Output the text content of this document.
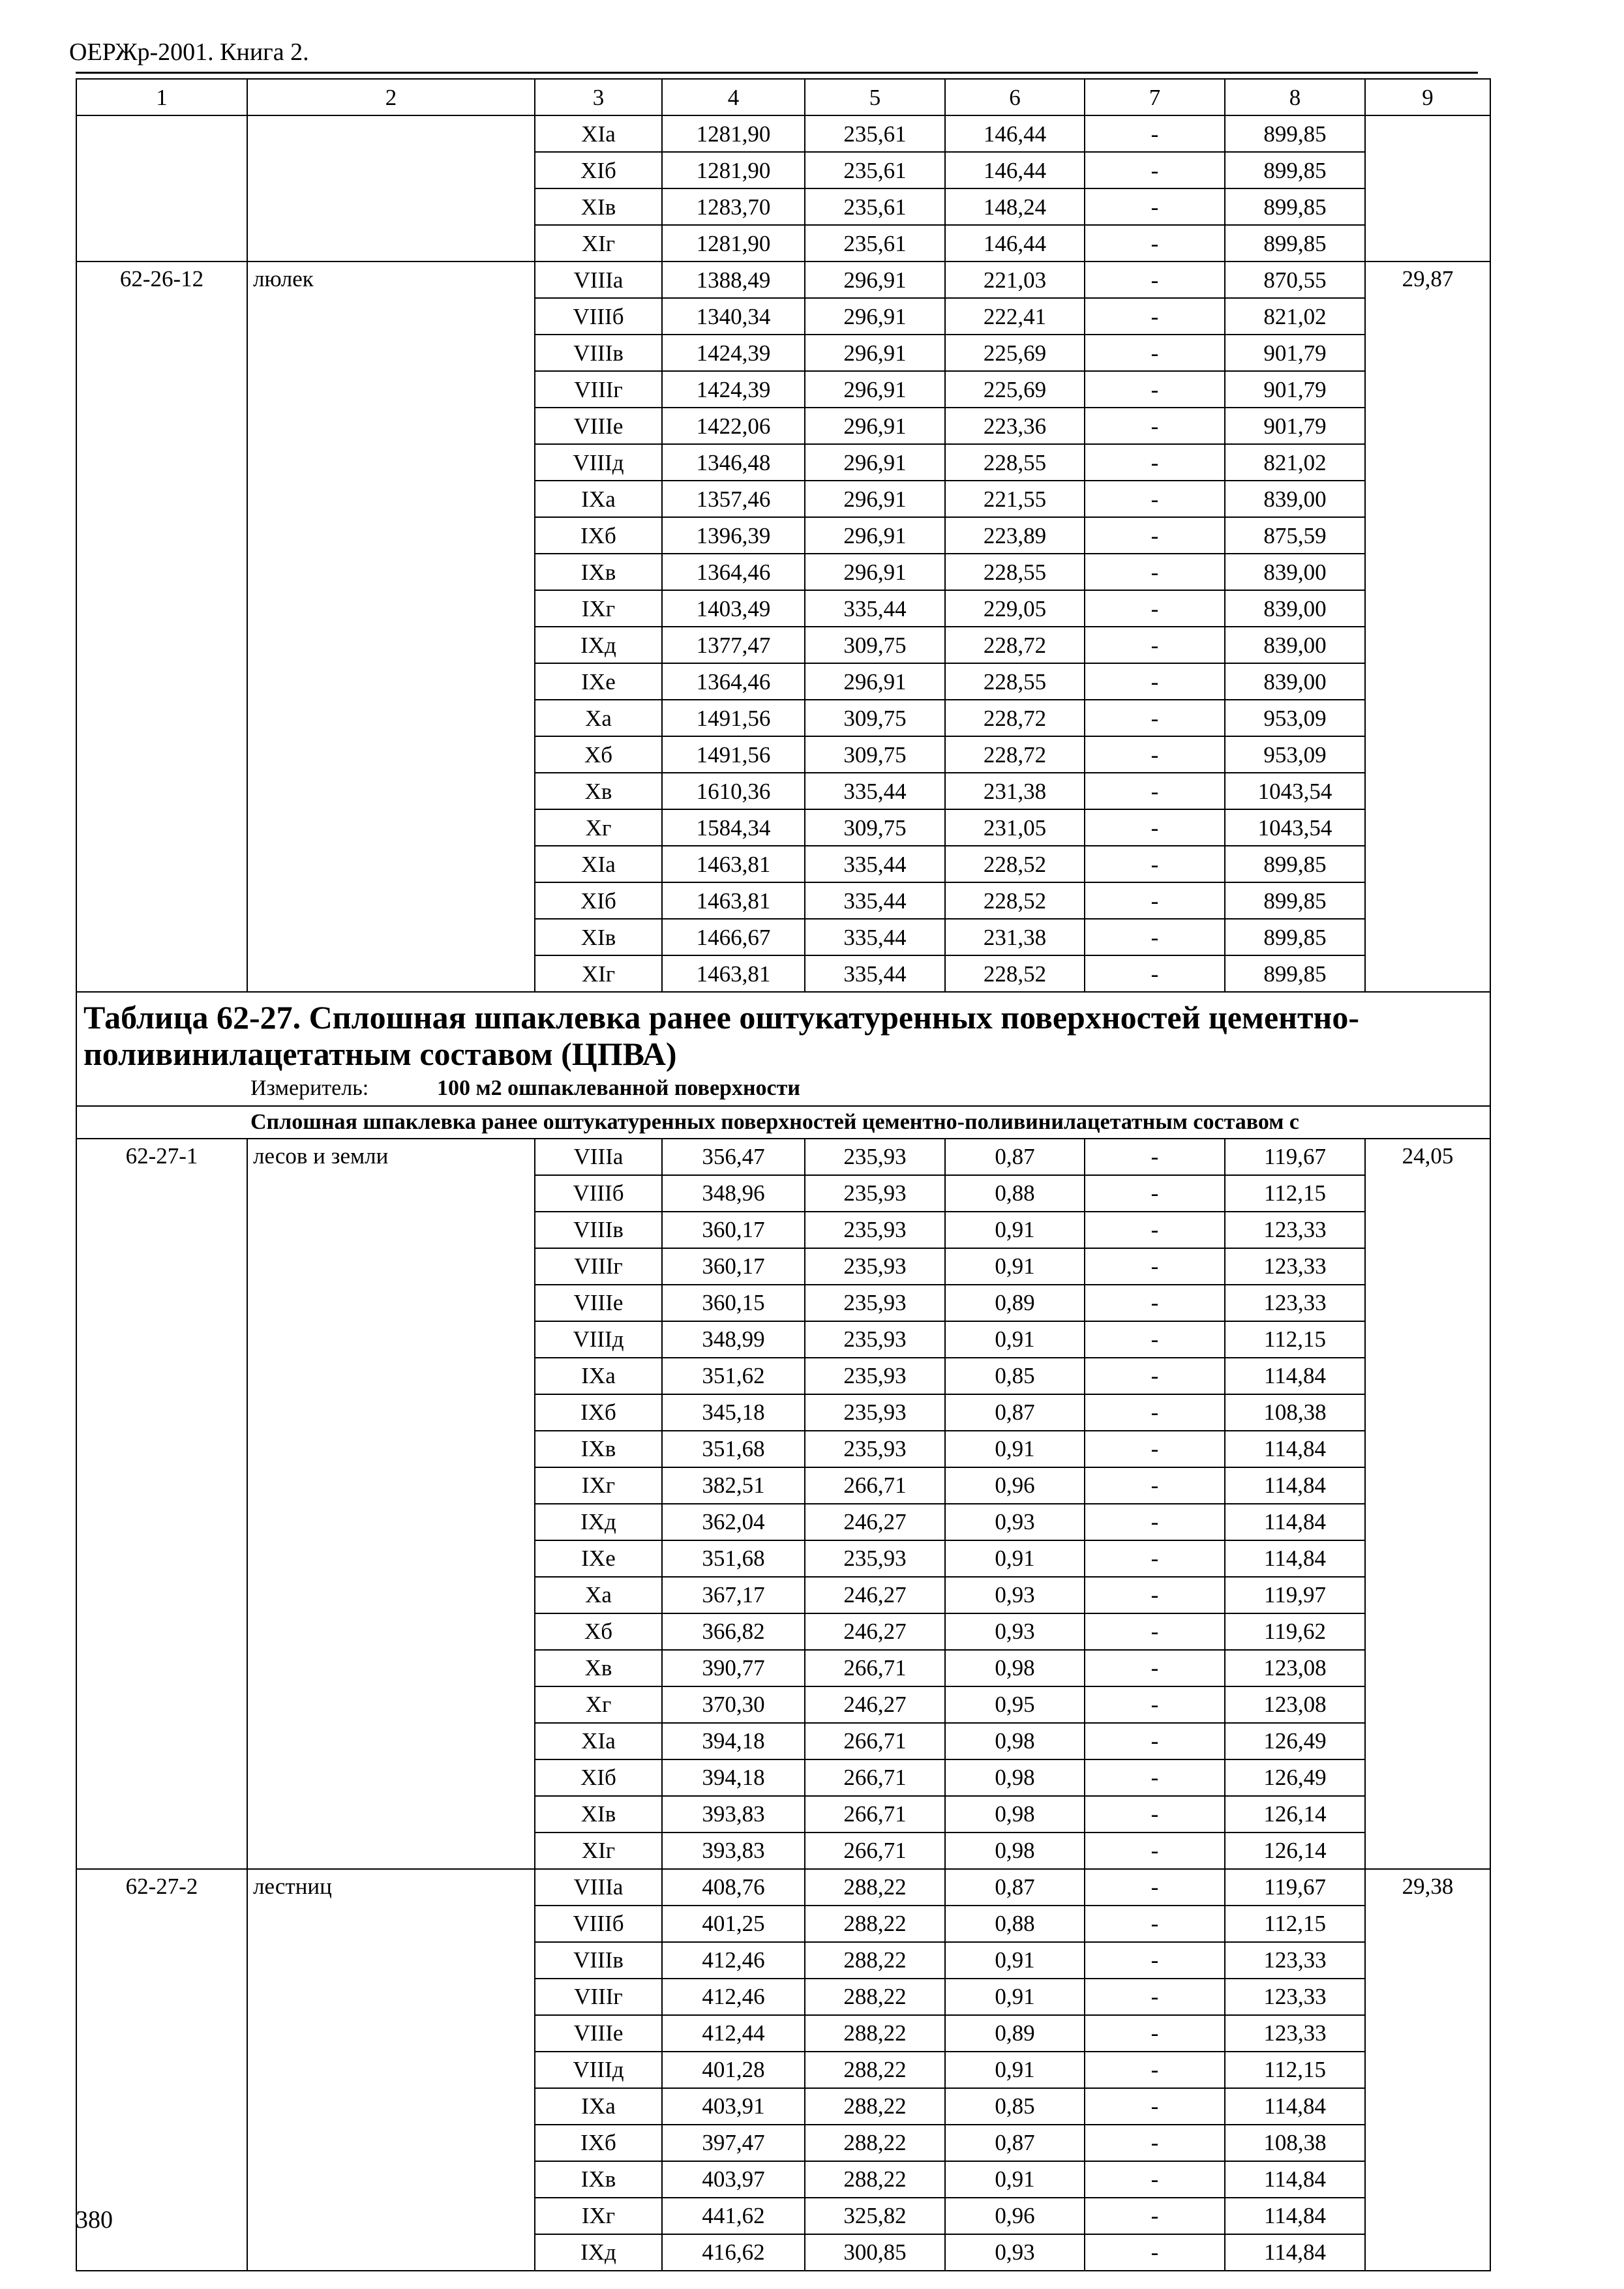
ОЕРЖр-2001. Книга 2.
1	2	3	4	5	6	7	8	9
		XIa	1281,90	235,61	146,44	-	899,85	
		XIб	1281,90	235,61	146,44	-	899,85	
		XIв	1283,70	235,61	148,24	-	899,85	
		XIг	1281,90	235,61	146,44	-	899,85	
62-26-12	люлек	VIIIa	1388,49	296,91	221,03	-	870,55	29,87
		VIIIб	1340,34	296,91	222,41	-	821,02	
		VIIIв	1424,39	296,91	225,69	-	901,79	
		VIIIг	1424,39	296,91	225,69	-	901,79	
		VIIIе	1422,06	296,91	223,36	-	901,79	
		VIIIд	1346,48	296,91	228,55	-	821,02	
		IXa	1357,46	296,91	221,55	-	839,00	
		IXб	1396,39	296,91	223,89	-	875,59	
		IXв	1364,46	296,91	228,55	-	839,00	
		IXг	1403,49	335,44	229,05	-	839,00	
		IXд	1377,47	309,75	228,72	-	839,00	
		IXе	1364,46	296,91	228,55	-	839,00	
		Xa	1491,56	309,75	228,72	-	953,09	
		Xб	1491,56	309,75	228,72	-	953,09	
		Xв	1610,36	335,44	231,38	-	1043,54	
		Xг	1584,34	309,75	231,05	-	1043,54	
		XIa	1463,81	335,44	228,52	-	899,85	
		XIб	1463,81	335,44	228,52	-	899,85	
		XIв	1466,67	335,44	231,38	-	899,85	
		XIг	1463,81	335,44	228,52	-	899,85	

Таблица 62-27. Сплошная шпаклевка ранее оштукатуренных поверхностей цементно-
поливинилацетатным составом (ЦПВА)
Измеритель: 100 м2 ошпаклеванной поверхности								

Сплошная шпаклевка ранее оштукатуренных поверхностей цементно-поливинилацетатным составом с								
62-27-1	лесов и земли	VIIIa	356,47	235,93	0,87	-	119,67	24,05
		VIIIб	348,96	235,93	0,88	-	112,15	
		VIIIв	360,17	235,93	0,91	-	123,33	
		VIIIг	360,17	235,93	0,91	-	123,33	
		VIIIе	360,15	235,93	0,89	-	123,33	
		VIIIд	348,99	235,93	0,91	-	112,15	
		IXa	351,62	235,93	0,85	-	114,84	
		IXб	345,18	235,93	0,87	-	108,38	
		IXв	351,68	235,93	0,91	-	114,84	
		IXг	382,51	266,71	0,96	-	114,84	
		IXд	362,04	246,27	0,93	-	114,84	
		IXе	351,68	235,93	0,91	-	114,84	
		Xa	367,17	246,27	0,93	-	119,97	
		Xб	366,82	246,27	0,93	-	119,62	
		Xв	390,77	266,71	0,98	-	123,08	
		Xг	370,30	246,27	0,95	-	123,08	
		XIa	394,18	266,71	0,98	-	126,49	
		XIб	394,18	266,71	0,98	-	126,49	
		XIв	393,83	266,71	0,98	-	126,14	
		XIг	393,83	266,71	0,98	-	126,14	
62-27-2	лестниц	VIIIa	408,76	288,22	0,87	-	119,67	29,38
		VIIIб	401,25	288,22	0,88	-	112,15	
		VIIIв	412,46	288,22	0,91	-	123,33	
		VIIIг	412,46	288,22	0,91	-	123,33	
		VIIIе	412,44	288,22	0,89	-	123,33	
		VIIIд	401,28	288,22	0,91	-	112,15	
		IXa	403,91	288,22	0,85	-	114,84	
		IXб	397,47	288,22	0,87	-	108,38	
		IXв	403,97	288,22	0,91	-	114,84	
		IXг	441,62	325,82	0,96	-	114,84	
		IXд	416,62	300,85	0,93	-	114,84	
380
